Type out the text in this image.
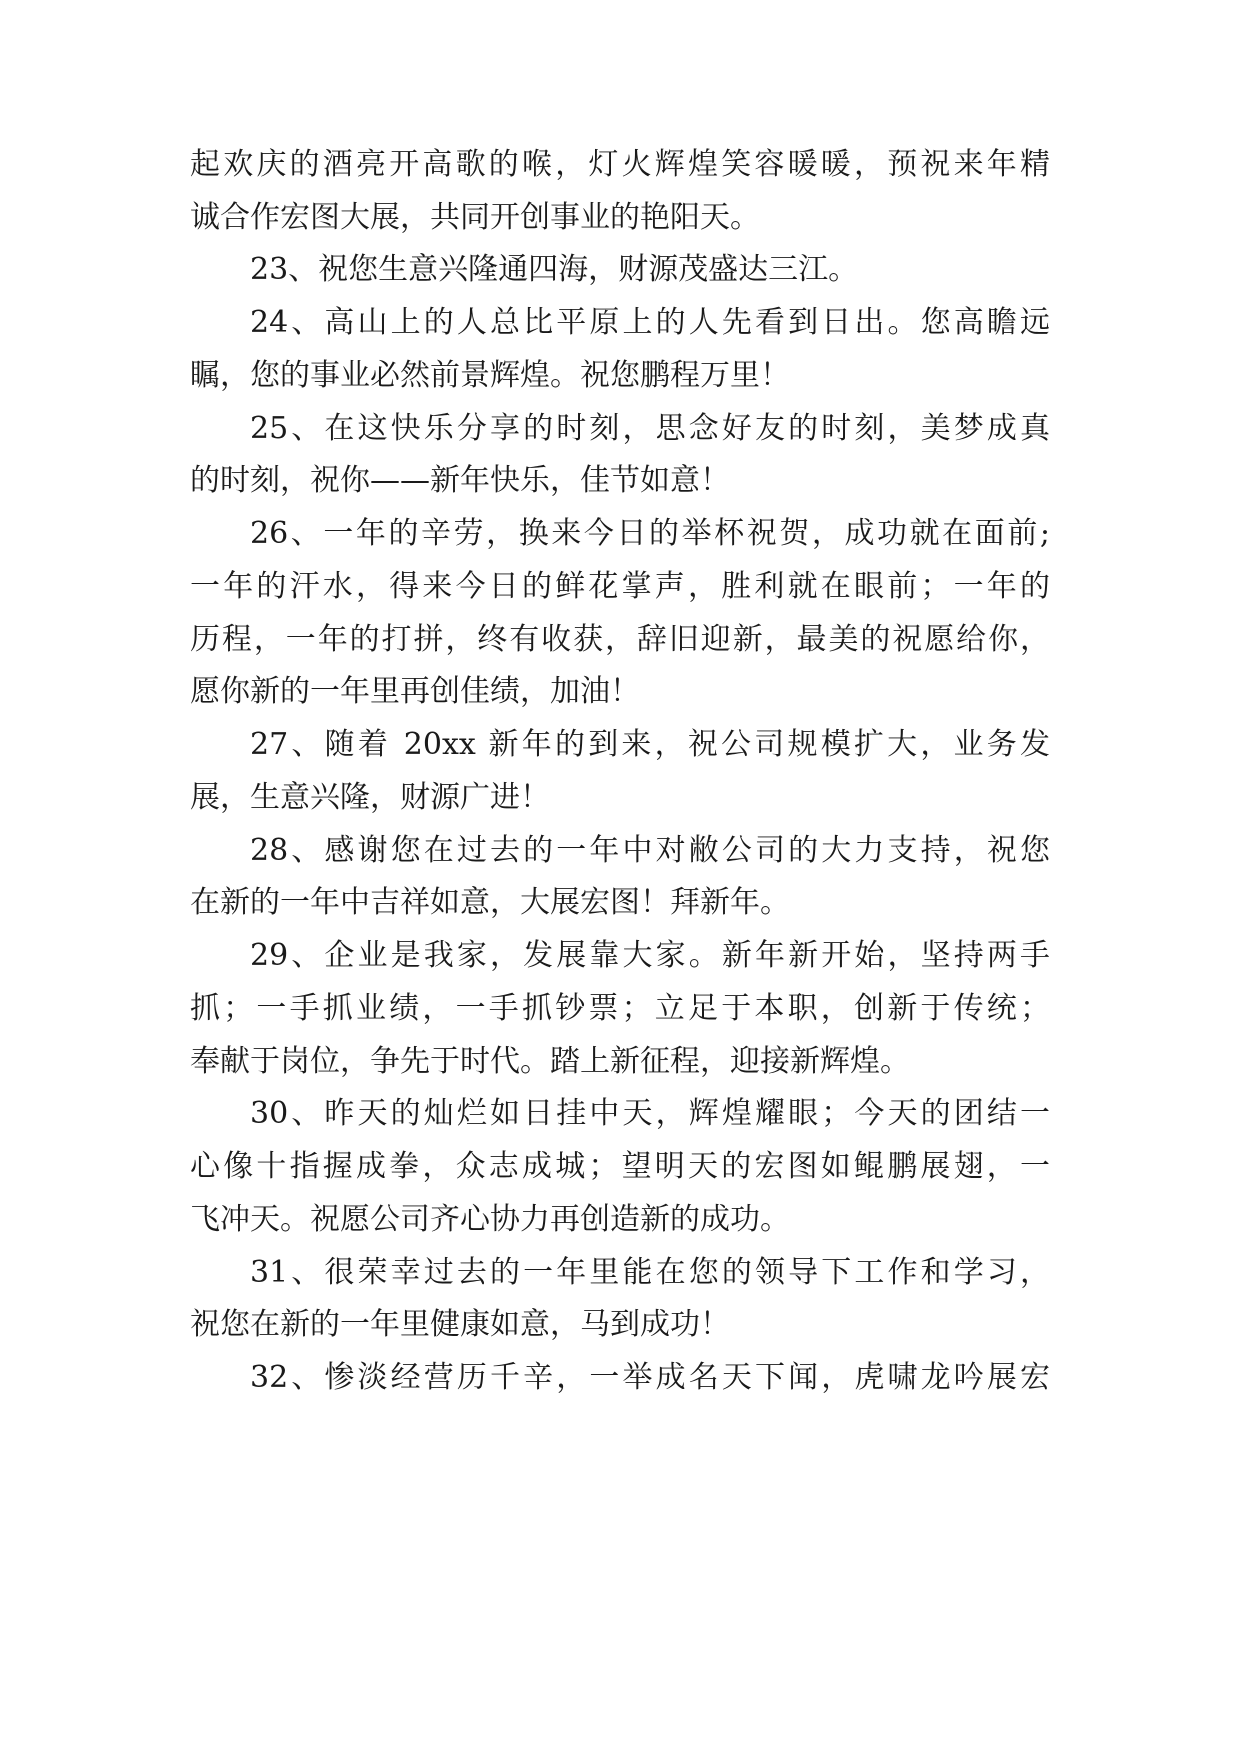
起欢庆的酒亮开高歌的喉，灯火辉煌笑容暖暖，预祝来年精
诚合作宏图大展，共同开创事业的艳阳天。
23、祝您生意兴隆通四海，财源茂盛达三江。
24、高山上的人总比平原上的人先看到日出。您高瞻远
瞩，您的事业必然前景辉煌。祝您鹏程万里！
25、在这快乐分享的时刻，思念好友的时刻，美梦成真
的时刻，祝你——新年快乐，佳节如意！
26、一年的辛劳，换来今日的举杯祝贺，成功就在面前;
一年的汗水，得来今日的鲜花掌声，胜利就在眼前；一年的
历程，一年的打拼，终有收获，辞旧迎新，最美的祝愿给你，
愿你新的一年里再创佳绩，加油！
27、随着 20xx 新年的到来，祝公司规模扩大，业务发
展，生意兴隆，财源广进！
28、感谢您在过去的一年中对敝公司的大力支持，祝您
在新的一年中吉祥如意，大展宏图！拜新年。
29、企业是我家，发展靠大家。新年新开始，坚持两手
抓；一手抓业绩，一手抓钞票；立足于本职，创新于传统；
奉献于岗位，争先于时代。踏上新征程，迎接新辉煌。
30、昨天的灿烂如日挂中天，辉煌耀眼；今天的团结一
心像十指握成拳，众志成城；望明天的宏图如鲲鹏展翅，一
飞冲天。祝愿公司齐心协力再创造新的成功。
31、很荣幸过去的一年里能在您的领导下工作和学习，
祝您在新的一年里健康如意，马到成功！
32、惨淡经营历千辛，一举成名天下闻，虎啸龙吟展宏
